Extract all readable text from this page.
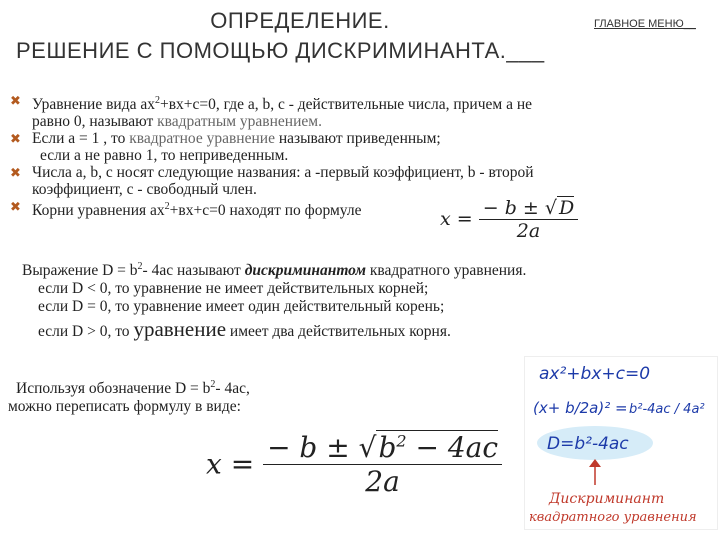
ОПРЕДЕЛЕНИЕ.
РЕШЕНИЕ С ПОМОЩЬЮ ДИСКРИМИНАНТА.___
ГЛАВНОЕ МЕНЮ__
✖ Уравнение вида $ax^2+вx+c=0$, где a, b, c - действительные числа, причем а не
равно 0, называют квадратным уравнением.
✖ Если а = 1 , то квадратное уравнение называют приведенным;
если а не равно 1, то неприведенным.
✖ Числа a, b, c носят следующие названия: a -первый коэффициент, b - второй
коэффициент, c - свободный член.
✖ Корни уравнения $ax^2+вx+c=0$ находят по формуле	$x = \frac{- b \pm √ D}{2a}$
Выражение $D = b^2-$ 4ac называют дискриминантом квадратного уравнения.
если D < 0, то уравнение не имеет действительных корней;
если D = 0, то уравнение имеет один действительный корень;
если D > 0, то уравнение имеет два действительных корня.
Используя обозначение $D = b^2-$ 4ac,
можно переписать формулу в виде:
$x = \frac{- b \pm √b^2 - 4ac}{2a}$
ax²+bx+c=0
(x+ b/2a)² = b²-4ac / 4a²
D=b²-4ac
Дискриминант
квадратного уравнения
